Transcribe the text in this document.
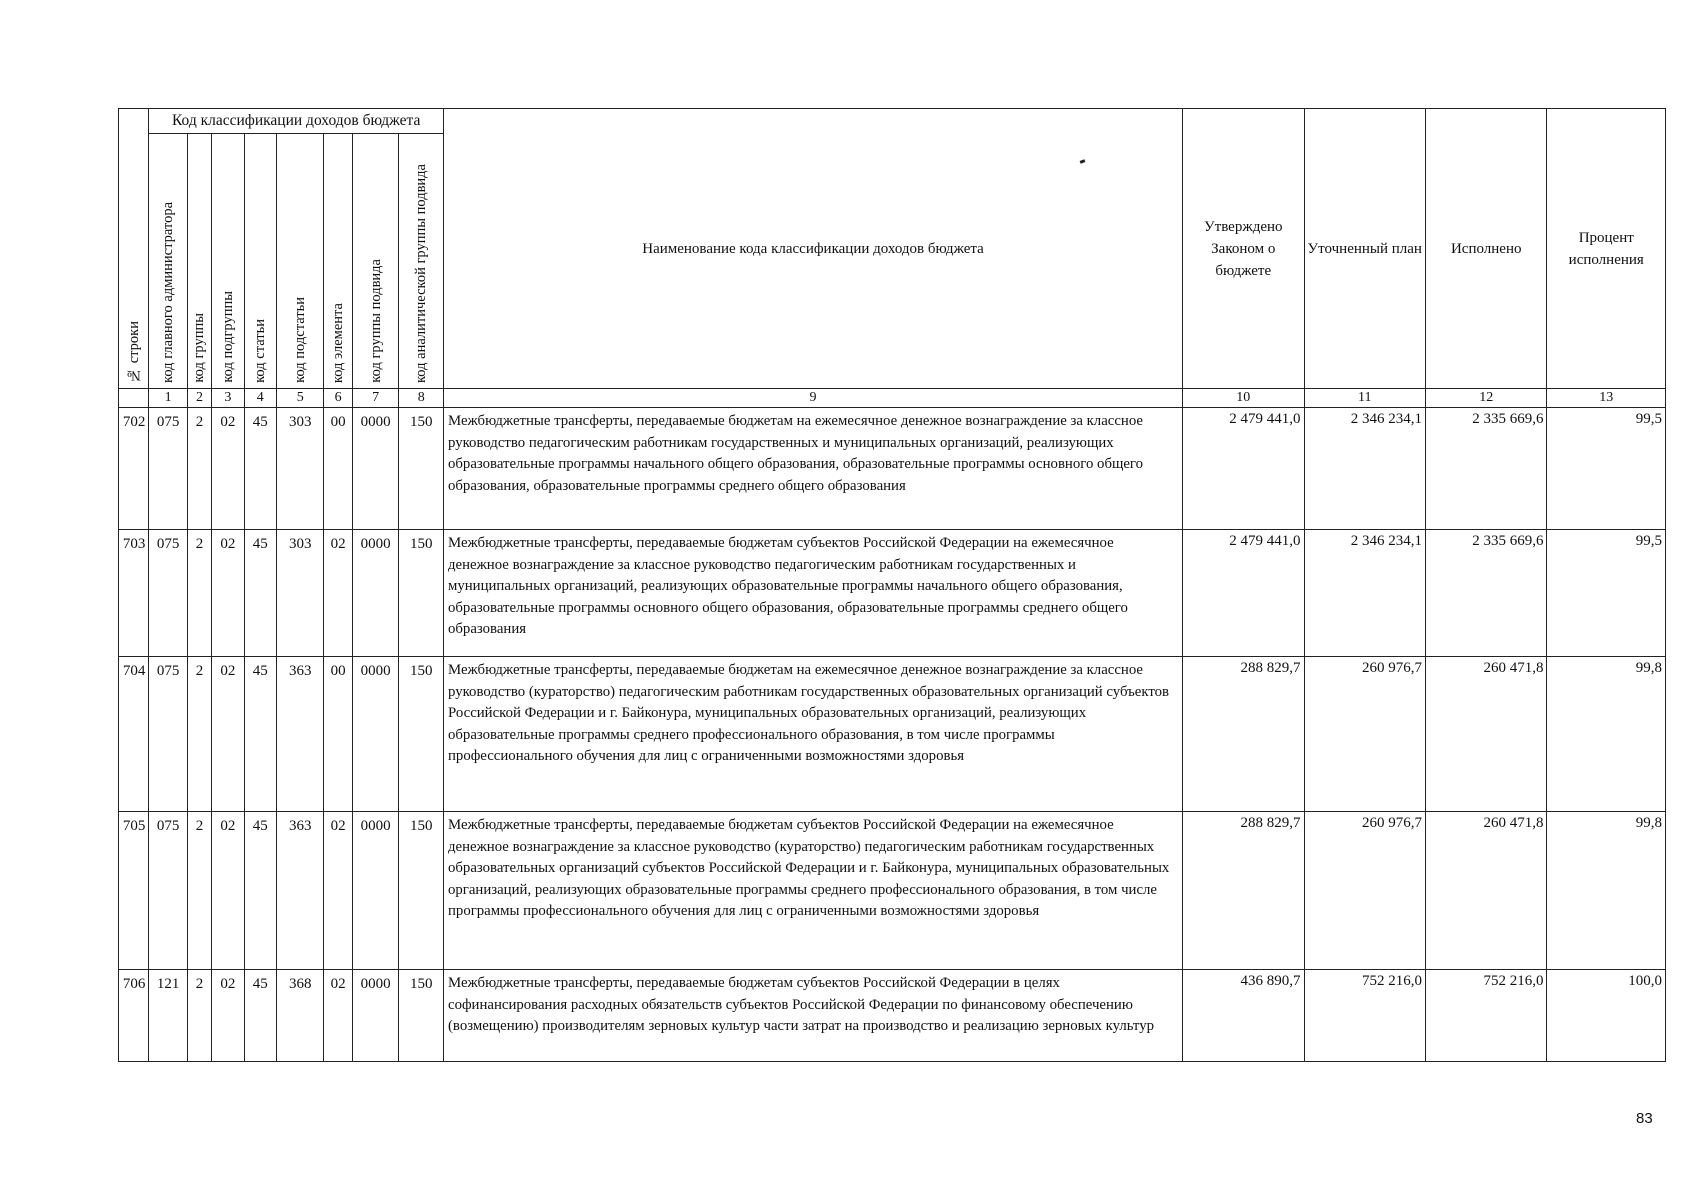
№ строки	Код классификации доходов бюджета								Наименование кода классификации доходов бюджета	Утверждено Законом о бюджете	Уточненный план	Исполнено	Процент исполнения
	код главного администратора	код группы	код подгруппы	код статьи	код подстатьи	код элемента	код группы подвида	код аналитической группы подвида					
	1	2	3	4	5	6	7	8	9	10	11	12	13
702	075	2	02	45	303	00	0000	150	Межбюджетные трансферты, передаваемые бюджетам на ежемесячное денежное вознаграждение за классное руководство педагогическим работникам государственных и муниципальных организаций, реализующих образовательные программы начального общего образования, образовательные программы основного общего образования, образовательные программы среднего общего образования	2 479 441,0	2 346 234,1	2 335 669,6	99,5
703	075	2	02	45	303	02	0000	150	Межбюджетные трансферты, передаваемые бюджетам субъектов Российской Федерации на ежемесячное денежное вознаграждение за классное руководство педагогическим работникам государственных и муниципальных организаций, реализующих образовательные программы начального общего образования, образовательные программы основного общего образования, образовательные программы среднего общего образования	2 479 441,0	2 346 234,1	2 335 669,6	99,5
704	075	2	02	45	363	00	0000	150	Межбюджетные трансферты, передаваемые бюджетам на ежемесячное денежное вознаграждение за классное руководство (кураторство) педагогическим работникам государственных образовательных организаций субъектов Российской Федерации и г. Байконура, муниципальных образовательных организаций, реализующих образовательные программы среднего профессионального образования, в том числе программы профессионального обучения для лиц с ограниченными возможностями здоровья	288 829,7	260 976,7	260 471,8	99,8
705	075	2	02	45	363	02	0000	150	Межбюджетные трансферты, передаваемые бюджетам субъектов Российской Федерации на ежемесячное денежное вознаграждение за классное руководство (кураторство) педагогическим работникам государственных образовательных организаций субъектов Российской Федерации и г. Байконура, муниципальных образовательных организаций, реализующих образовательные программы среднего профессионального образования, в том числе программы профессионального обучения для лиц с ограниченными возможностями здоровья	288 829,7	260 976,7	260 471,8	99,8
706	121	2	02	45	368	02	0000	150	Межбюджетные трансферты, передаваемые бюджетам субъектов Российской Федерации в целях софинансирования расходных обязательств субъектов Российской Федерации по финансовому обеспечению (возмещению) производителям зерновых культур части затрат на производство и реализацию зерновых культур	436 890,7	752 216,0	752 216,0	100,0
83
